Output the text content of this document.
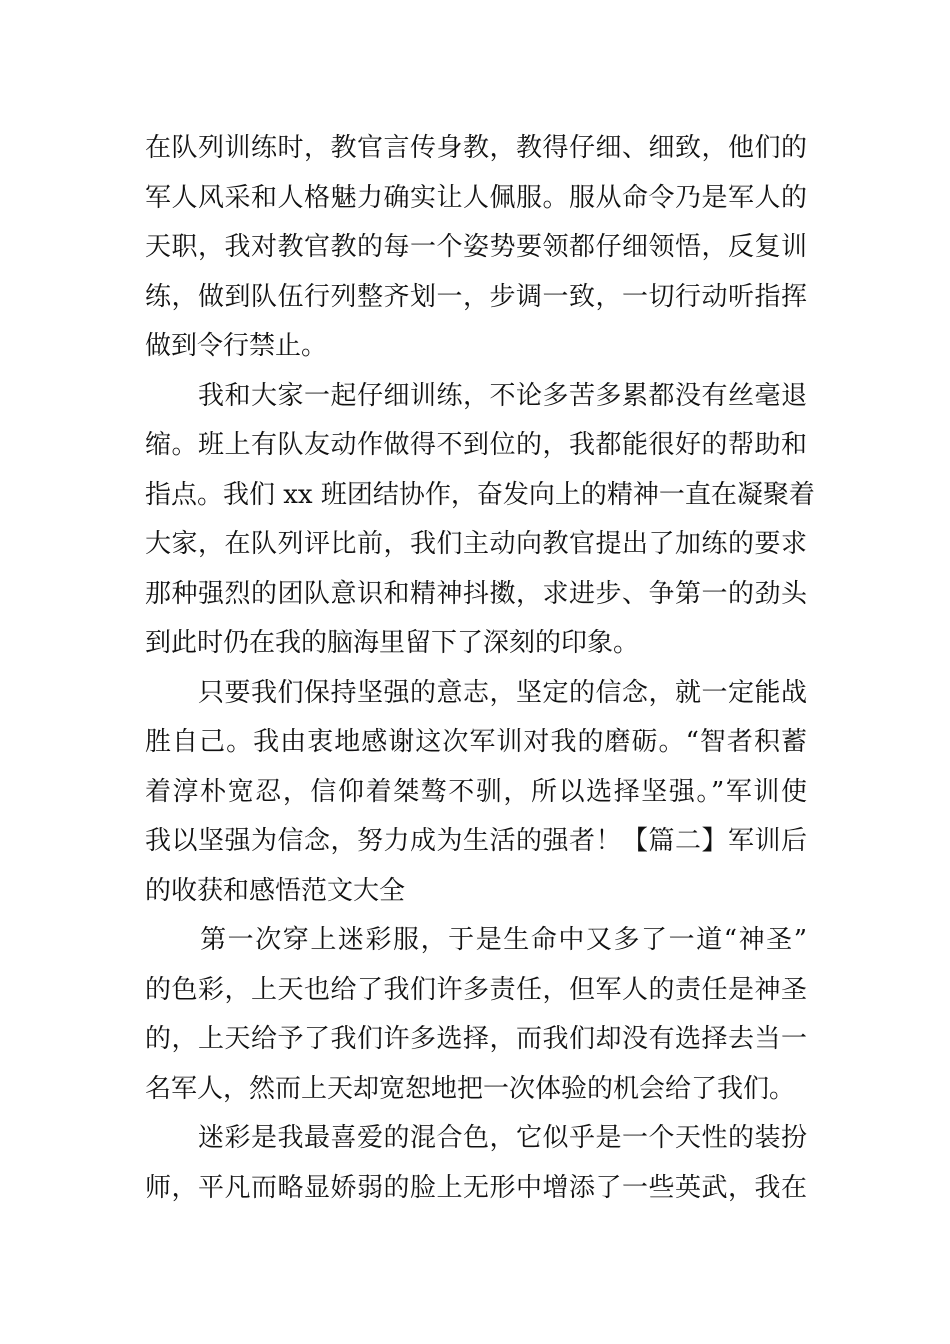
在队列训练时，教官言传身教，教得仔细、细致，他们的
军人风采和人格魅力确实让人佩服。服从命令乃是军人的
天职，我对教官教的每一个姿势要领都仔细领悟，反复训
练，做到队伍行列整齐划一，步调一致，一切行动听指挥
做到令行禁止。
　　我和大家一起仔细训练，不论多苦多累都没有丝毫退
缩。班上有队友动作做得不到位的，我都能很好的帮助和
指点。我们 xx 班团结协作，奋发向上的精神一直在凝聚着
大家，在队列评比前，我们主动向教官提出了加练的要求
那种强烈的团队意识和精神抖擞，求进步、争第一的劲头
到此时仍在我的脑海里留下了深刻的印象。
　　只要我们保持坚强的意志，坚定的信念，就一定能战
胜自己。我由衷地感谢这次军训对我的磨砺。“智者积蓄
着淳朴宽忍，信仰着桀骜不驯，所以选择坚强。”军训使
我以坚强为信念，努力成为生活的强者！【篇二】军训后
的收获和感悟范文大全
　　第一次穿上迷彩服，于是生命中又多了一道“神圣”
的色彩，上天也给了我们许多责任，但军人的责任是神圣
的，上天给予了我们许多选择，而我们却没有选择去当一
名军人，然而上天却宽恕地把一次体验的机会给了我们。
　　迷彩是我最喜爱的混合色，它似乎是一个天性的装扮
师，平凡而略显娇弱的脸上无形中增添了一些英武，我在
